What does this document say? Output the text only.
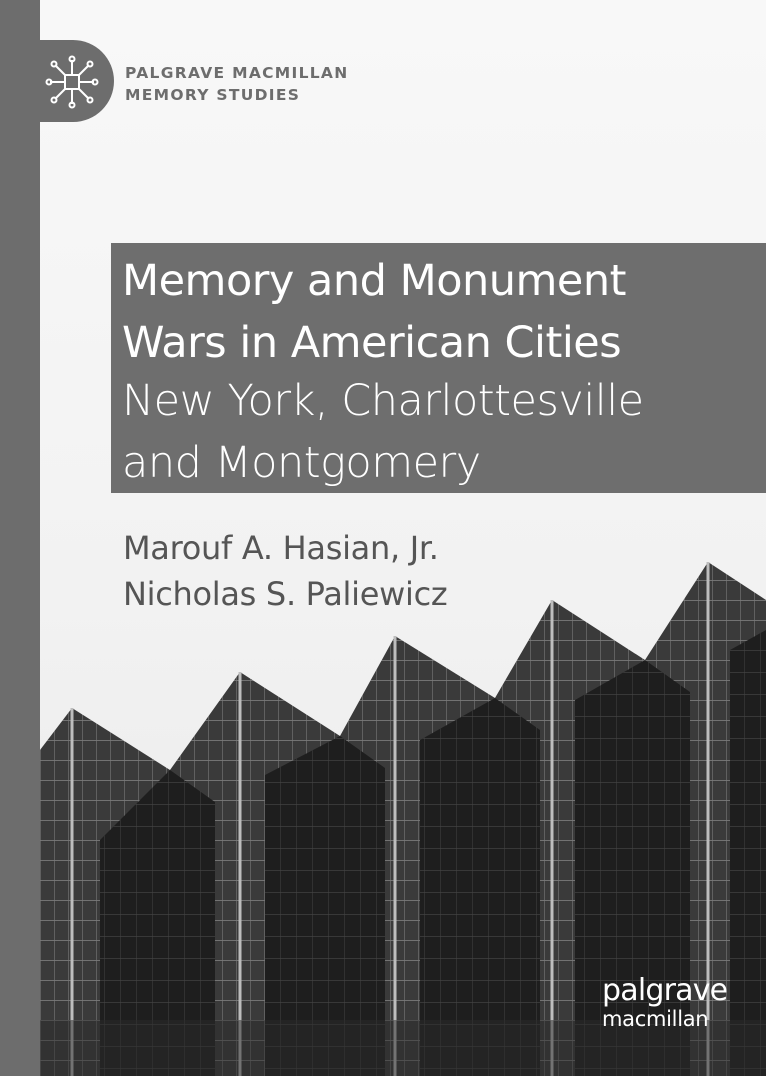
PALGRAVE MACMILLAN
MEMORY STUDIES
Memory and Monument
Wars in American Cities
New York, Charlottesville
and Montgomery
Marouf A. Hasian, Jr.
Nicholas S. Paliewicz
palgrave
macmillan
